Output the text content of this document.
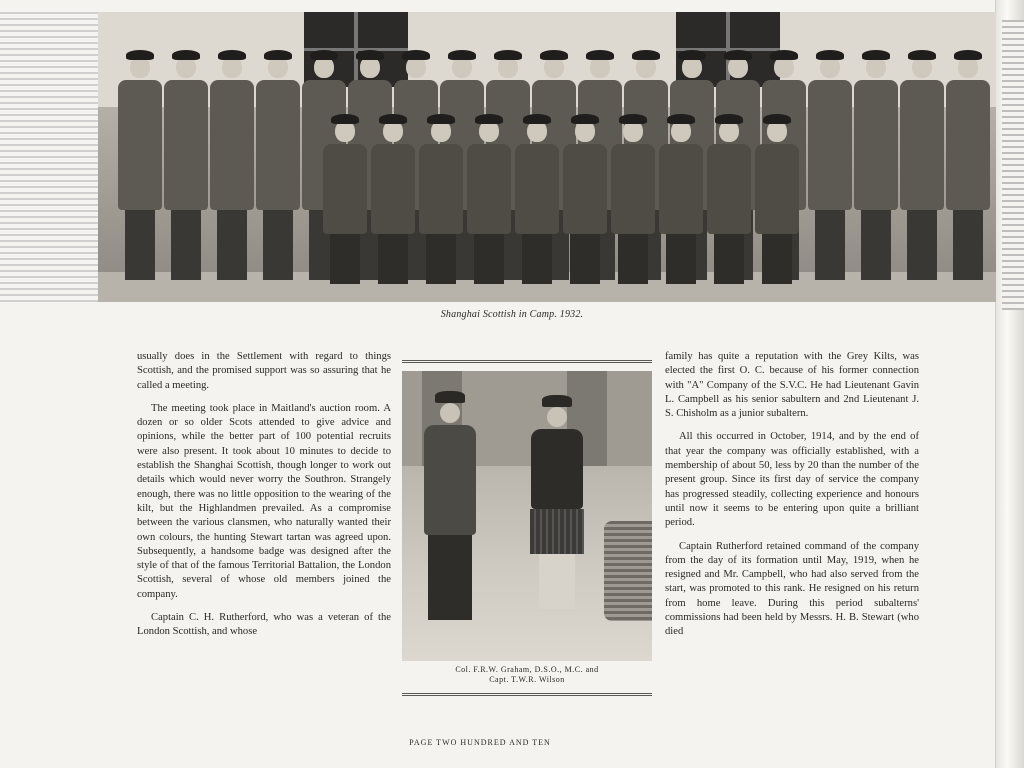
Shanghai Scottish in Camp. 1932.

usually does in the Settlement with regard to things Scottish, and the promised support was so assuring that he called a meeting.

The meeting took place in Maitland's auction room. A dozen or so older Scots attended to give advice and opinions, while the better part of 100 potential recruits were also present. It took about 10 minutes to decide to establish the Shanghai Scottish, though longer to work out details which would never worry the Southron. Strangely enough, there was no little opposition to the wearing of the kilt, but the Highlandmen prevailed. As a compromise between the various clansmen, who naturally wanted their own colours, the hunting Stewart tartan was agreed upon. Subsequently, a handsome badge was designed after the style of that of the famous Territorial Battalion, the London Scottish, several of whose old members joined the company.

Captain C. H. Rutherford, who was a veteran of the London Scottish, and whose

Col. F.R.W. Graham, D.S.O., M.C. and
Capt. T.W.R. Wilson

family has quite a reputation with the Grey Kilts, was elected the first O. C. because of his former connection with "A" Company of the S.V.C. He had Lieutenant Gavin L. Campbell as his senior sabultern and 2nd Lieutenant J. S. Chisholm as a junior subaltern.

All this occurred in October, 1914, and by the end of that year the company was officially established, with a membership of about 50, less by 20 than the number of the present group. Since its first day of service the company has progressed steadily, collecting experience and honours until now it seems to be entering upon quite a brilliant period.

Captain Rutherford retained command of the company from the day of its formation until May, 1919, when he resigned and Mr. Campbell, who had also served from the start, was promoted to this rank. He resigned on his return from home leave. During this period subalterns' commissions had been held by Messrs. H. B. Stewart (who died

PAGE TWO HUNDRED AND TEN
